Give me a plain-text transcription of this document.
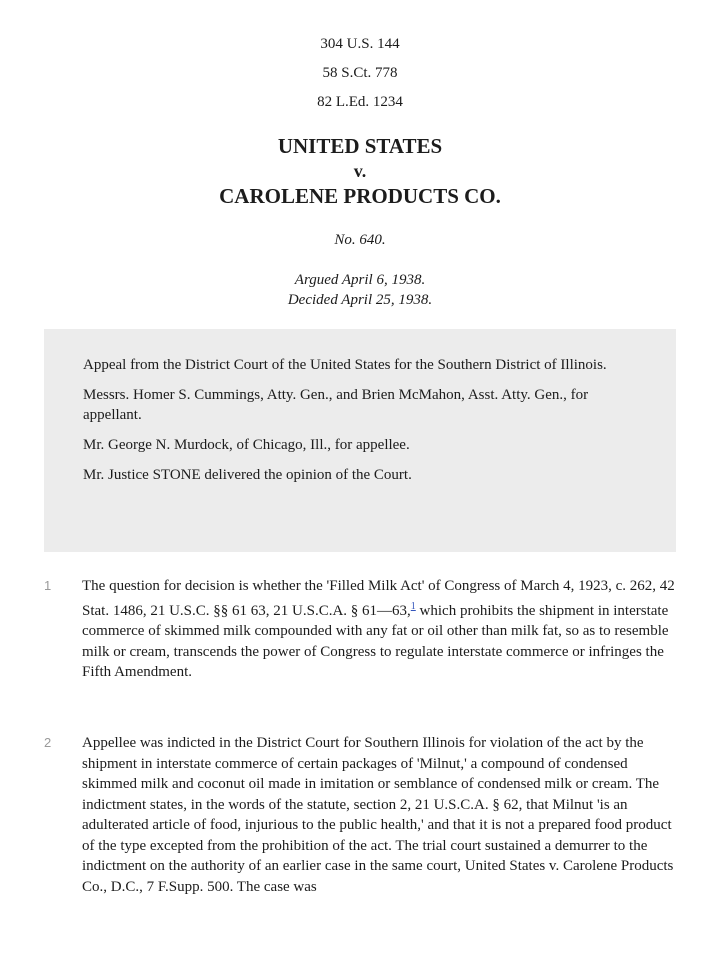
304 U.S. 144
58 S.Ct. 778
82 L.Ed. 1234
UNITED STATES
v.
CAROLENE PRODUCTS CO.
No. 640.
Argued April 6, 1938.
Decided April 25, 1938.

Appeal from the District Court of the United States for the Southern District of Illinois.

Messrs. Homer S. Cummings, Atty. Gen., and Brien McMahon, Asst. Atty. Gen., for appellant.

Mr. George N. Murdock, of Chicago, Ill., for appellee.

Mr. Justice STONE delivered the opinion of the Court.

1 The question for decision is whether the 'Filled Milk Act' of Congress of March 4, 1923, c. 262, 42 Stat. 1486, 21 U.S.C. §§ 61 63, 21 U.S.C.A. § 61—63,$^1$ which prohibits the shipment in interstate commerce of skimmed milk compounded with any fat or oil other than milk fat, so as to resemble milk or cream, transcends the power of Congress to regulate interstate commerce or infringes the Fifth Amendment.
2 Appellee was indicted in the District Court for Southern Illinois for violation of the act by the shipment in interstate commerce of certain packages of 'Milnut,' a compound of condensed skimmed milk and coconut oil made in imitation or semblance of condensed milk or cream. The indictment states, in the words of the statute, section 2, 21 U.S.C.A. § 62, that Milnut 'is an adulterated article of food, injurious to the public health,' and that it is not a prepared food product of the type excepted from the prohibition of the act. The trial court sustained a demurrer to the indictment on the authority of an earlier case in the same court, United States v. Carolene Products Co., D.C., 7 F.Supp. 500. The case was
